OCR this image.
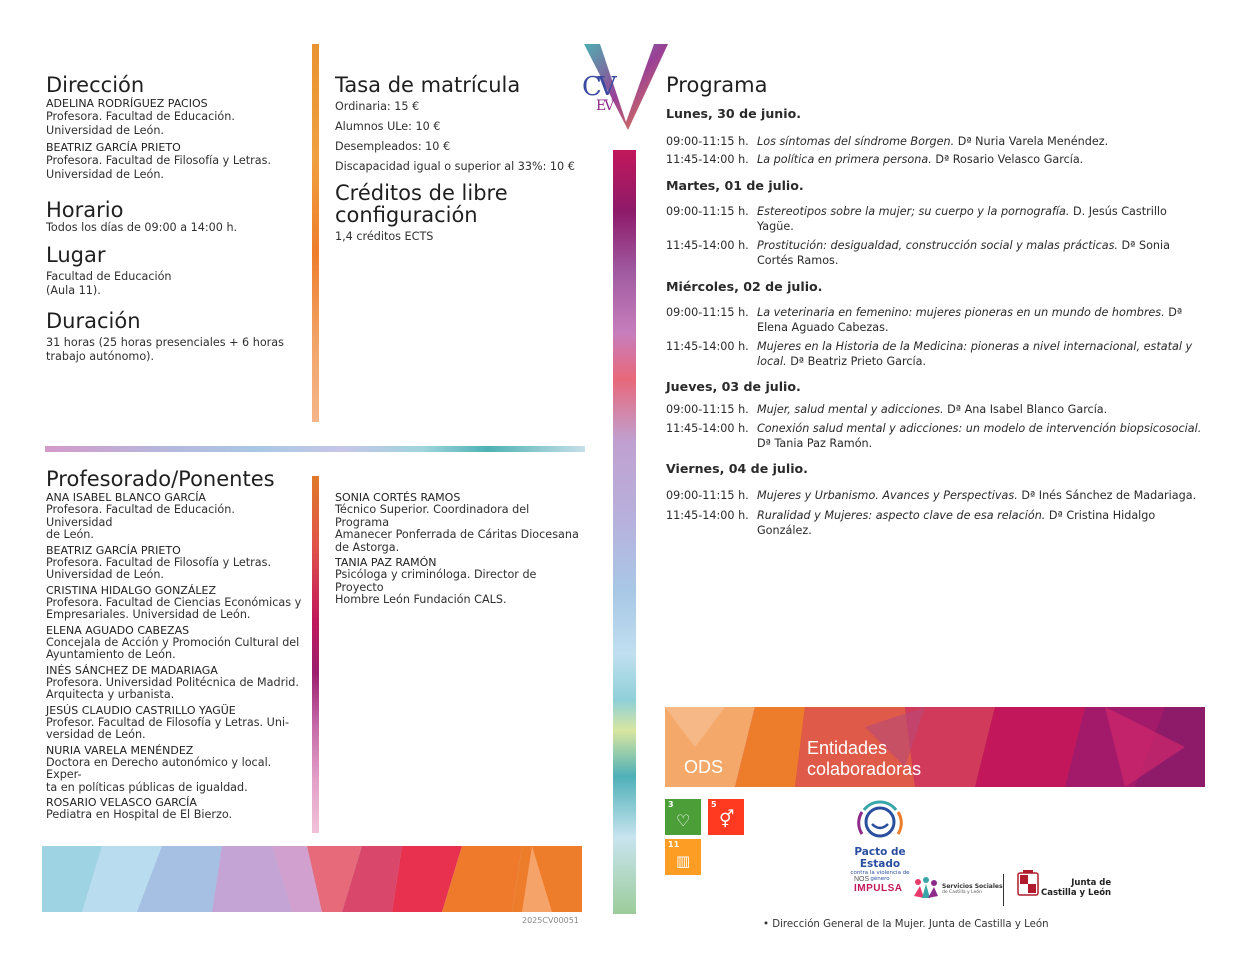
Dirección
ADELINA RODRÍGUEZ PACIOS
Profesora. Facultad de Educación.
Universidad de León.
BEATRIZ GARCÍA PRIETO
Profesora. Facultad de Filosofía y Letras.
Universidad de León.
Horario
Todos los días de 09:00 a 14:00 h.
Lugar
Facultad de Educación
(Aula 11).
Duración
31 horas (25 horas presenciales + 6 horas
trabajo autónomo).
Tasa de matrícula
Ordinaria: 15 €
Alumnos ULe: 10 €
Desempleados: 10 €
Discapacidad igual o superior al 33%: 10 €
Créditos de libre
configuración
1,4 créditos ECTS
Profesorado/Ponentes
ANA ISABEL BLANCO GARCÍA
Profesora. Facultad de Educación. Universidad
de León.
BEATRIZ GARCÍA PRIETO
Profesora. Facultad de Filosofía y Letras.
Universidad de León.
CRISTINA HIDALGO GONZÁLEZ
Profesora. Facultad de Ciencias Económicas y
Empresariales. Universidad de León.
ELENA AGUADO CABEZAS
Concejala de Acción y Promoción Cultural del
Ayuntamiento de León.
INÉS SÁNCHEZ DE MADARIAGA
Profesora. Universidad Politécnica de Madrid.
Arquitecta y urbanista.
JESÚS CLAUDIO CASTRILLO YAGÜE
Profesor. Facultad de Filosofía y Letras. Uni-
versidad de León.
NURIA VARELA MENÉNDEZ
Doctora en Derecho autonómico y local. Exper-
ta en políticas públicas de igualdad.
ROSARIO VELASCO GARCÍA
Pediatra en Hospital de El Bierzo.
SONIA CORTÉS RAMOS
Técnico Superior. Coordinadora del Programa
Amanecer Ponferrada de Cáritas Diocesana
de Astorga.
TANIA PAZ RAMÓN
Psicóloga y criminóloga. Director de Proyecto
Hombre León Fundación CALS.
2025CV00051
CV
EV
Programa
ODS
Entidades
colaboradoras
3
♡
5
⚥
11
▥	Pacto de Estado
contra la violencia de género
NOS
IMPULSA	Servicios Sociales
de Castilla y León
Junta de
Castilla y León
• Dirección General de la Mujer. Junta de Castilla y León
Lunes, 30 de junio.
09:00-11:15 h. Los síntomas del síndrome Borgen. Dª Nuria Varela Menéndez.
11:45-14:00 h. La política en primera persona. Dª Rosario Velasco García.
Martes, 01 de julio.
09:00-11:15 h. Estereotipos sobre la mujer; su cuerpo y la pornografía. D. Jesús Castrillo Yagüe.
11:45-14:00 h. Prostitución: desigualdad, construcción social y malas prácticas. Dª Sonia Cortés Ramos.
Miércoles, 02 de julio.
09:00-11:15 h. La veterinaria en femenino: mujeres pioneras en un mundo de hombres. Dª Elena Aguado Cabezas.
11:45-14:00 h. Mujeres en la Historia de la Medicina: pioneras a nivel internacional, estatal y local. Dª Beatriz Prieto García.
Jueves, 03 de julio.
09:00-11:15 h. Mujer, salud mental y adicciones. Dª Ana Isabel Blanco García.
11:45-14:00 h. Conexión salud mental y adicciones: un modelo de intervención biopsicosocial. Dª Tania Paz Ramón.
Viernes, 04 de julio.
09:00-11:15 h. Mujeres y Urbanismo. Avances y Perspectivas. Dª Inés Sánchez de Madariaga.
11:45-14:00 h. Ruralidad y Mujeres: aspecto clave de esa relación. Dª Cristina Hidalgo González.
